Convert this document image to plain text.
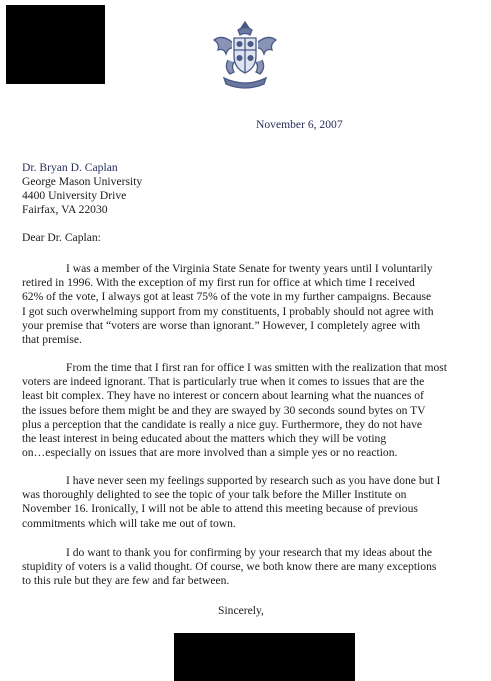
November 6, 2007
Dr. Bryan D. Caplan
George Mason University
4400 University Drive
Fairfax, VA 22030
Dear Dr. Caplan:
I was a member of the Virginia State Senate for twenty years until I voluntarily
retired in 1996. With the exception of my first run for office at which time I received
62% of the vote, I always got at least 75% of the vote in my further campaigns. Because
I got such overwhelming support from my constituents, I probably should not agree with
your premise that “voters are worse than ignorant.” However, I completely agree with
that premise.
From the time that I first ran for office I was smitten with the realization that most
voters are indeed ignorant. That is particularly true when it comes to issues that are the
least bit complex. They have no interest or concern about learning what the nuances of
the issues before them might be and they are swayed by 30 seconds sound bytes on TV
plus a perception that the candidate is really a nice guy. Furthermore, they do not have
the least interest in being educated about the matters which they will be voting
on…especially on issues that are more involved than a simple yes or no reaction.
I have never seen my feelings supported by research such as you have done but I
was thoroughly delighted to see the topic of your talk before the Miller Institute on
November 16. Ironically, I will not be able to attend this meeting because of previous
commitments which will take me out of town.
I do want to thank you for confirming by your research that my ideas about the
stupidity of voters is a valid thought. Of course, we both know there are many exceptions
to this rule but they are few and far between.
Sincerely,
